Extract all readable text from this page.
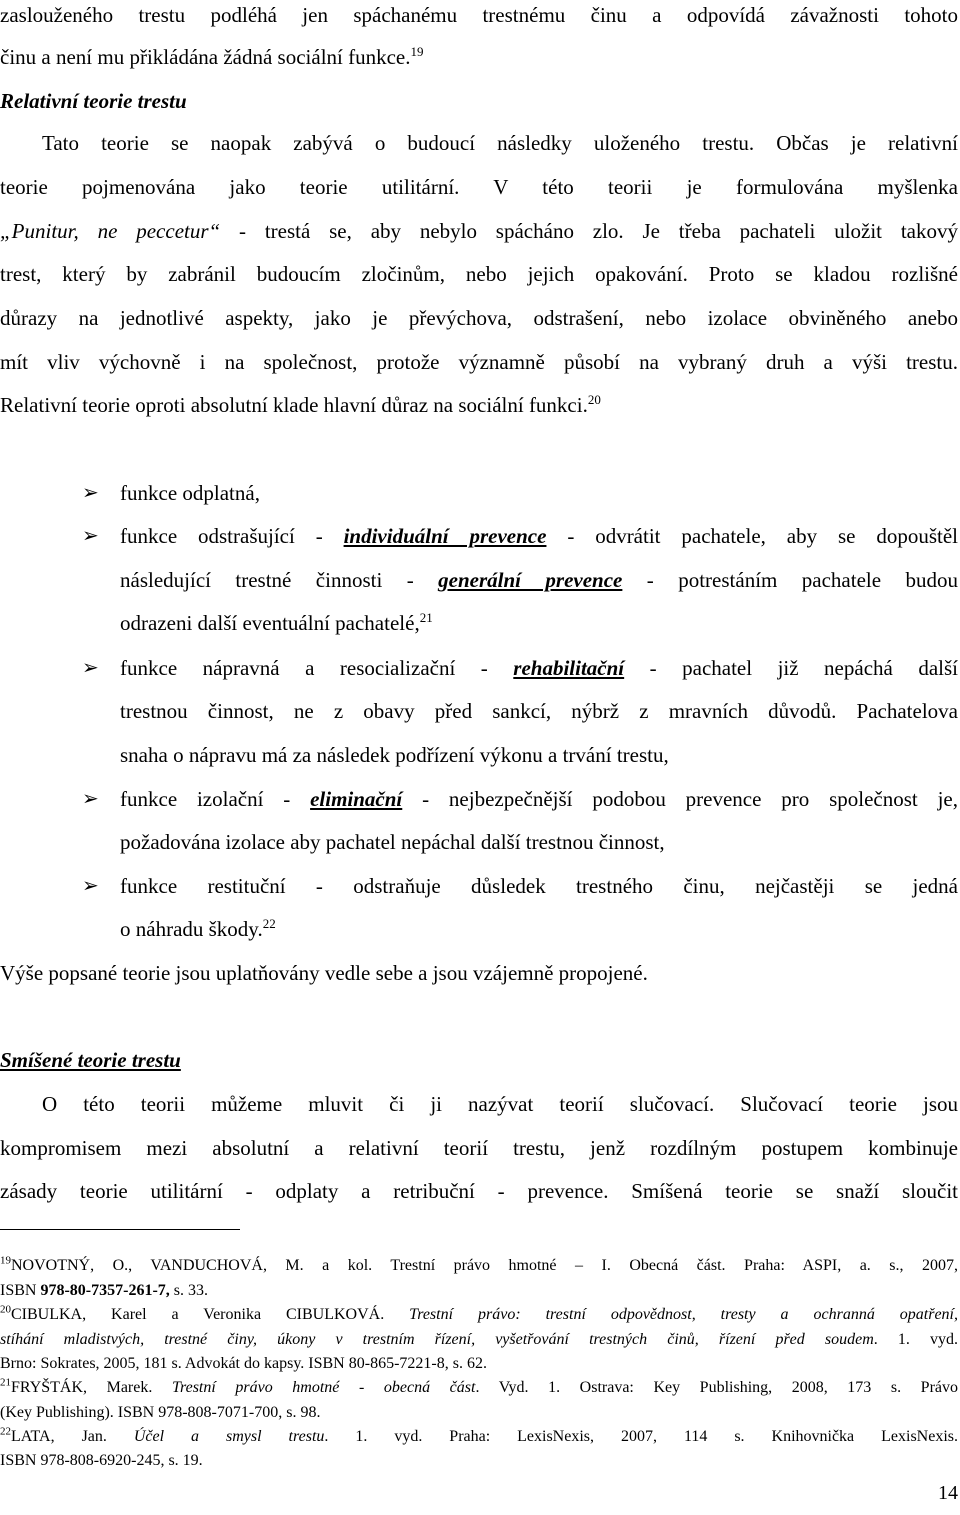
zaslouženého trestu podléhá jen spáchanému trestnému činu a odpovídá závažnosti tohoto
činu a není mu přikládána žádná sociální funkce.$^{19}$
Relativní teorie trestu
Tato teorie se naopak zabývá o budoucí následky uloženého trestu. Občas je relativní
teorie pojmenována jako teorie utilitární. V této teorii je formulována myšlenka
„Punitur, ne peccetur“ - trestá se, aby nebylo spácháno zlo. Je třeba pachateli uložit takový
trest, který by zabránil budoucím zločinům, nebo jejich opakování. Proto se kladou rozlišné
důrazy na jednotlivé aspekty, jako je převýchova, odstrašení, nebo izolace obviněného anebo
mít vliv výchovně i na společnost, protože významně působí na vybraný druh a výši trestu.
Relativní teorie oproti absolutní klade hlavní důraz na sociální funkci.$^{20}$
➢ funkce odplatná,
➢ funkce odstrašující - individuální prevence - odvrátit pachatele, aby se dopouštěl
následující trestné činnosti - generální prevence - potrestáním pachatele budou
odrazeni další eventuální pachatelé,$^{21}$
➢ funkce nápravná a resocializační - rehabilitační - pachatel již nepáchá další
trestnou činnost, ne z obavy před sankcí, nýbrž z mravních důvodů. Pachatelova
snaha o nápravu má za následek podřízení výkonu a trvání trestu,
➢ funkce izolační - eliminační - nejbezpečnější podobou prevence pro společnost je,
požadována izolace aby pachatel nepáchal další trestnou činnost,
➢ funkce restituční - odstraňuje důsledek trestného činu, nejčastěji se jedná
o náhradu škody.$^{22}$
Výše popsané teorie jsou uplatňovány vedle sebe a jsou vzájemně propojené.
Smíšené teorie trestu
O této teorii můžeme mluvit či ji nazývat teorií slučovací. Slučovací teorie jsou
kompromisem mezi absolutní a relativní teorií trestu, jenž rozdílným postupem kombinuje
zásady teorie utilitární - odplaty a retribuční - prevence. Smíšená teorie se snaží sloučit
$^{19}$NOVOTNÝ, O., VANDUCHOVÁ, M. a kol. Trestní právo hmotné – I. Obecná část. Praha: ASPI, a. s., 2007,
ISBN 978-80-7357-261-7, s. 33.
$^{20}$CIBULKA, Karel a Veronika CIBULKOVÁ. Trestní právo: trestní odpovědnost, tresty a ochranná opatření,
stíhání mladistvých, trestné činy, úkony v trestním řízení, vyšetřování trestných činů, řízení před soudem. 1. vyd.
Brno: Sokrates, 2005, 181 s. Advokát do kapsy. ISBN 80-865-7221-8, s. 62.
$^{21}$FRYŠTÁK, Marek. Trestní právo hmotné - obecná část. Vyd. 1. Ostrava: Key Publishing, 2008, 173 s. Právo
(Key Publishing). ISBN 978-808-7071-700, s. 98.
$^{22}$LATA, Jan. Účel a smysl trestu. 1. vyd. Praha: LexisNexis, 2007, 114 s. Knihovnička LexisNexis.
ISBN 978-808-6920-245, s. 19.
14
